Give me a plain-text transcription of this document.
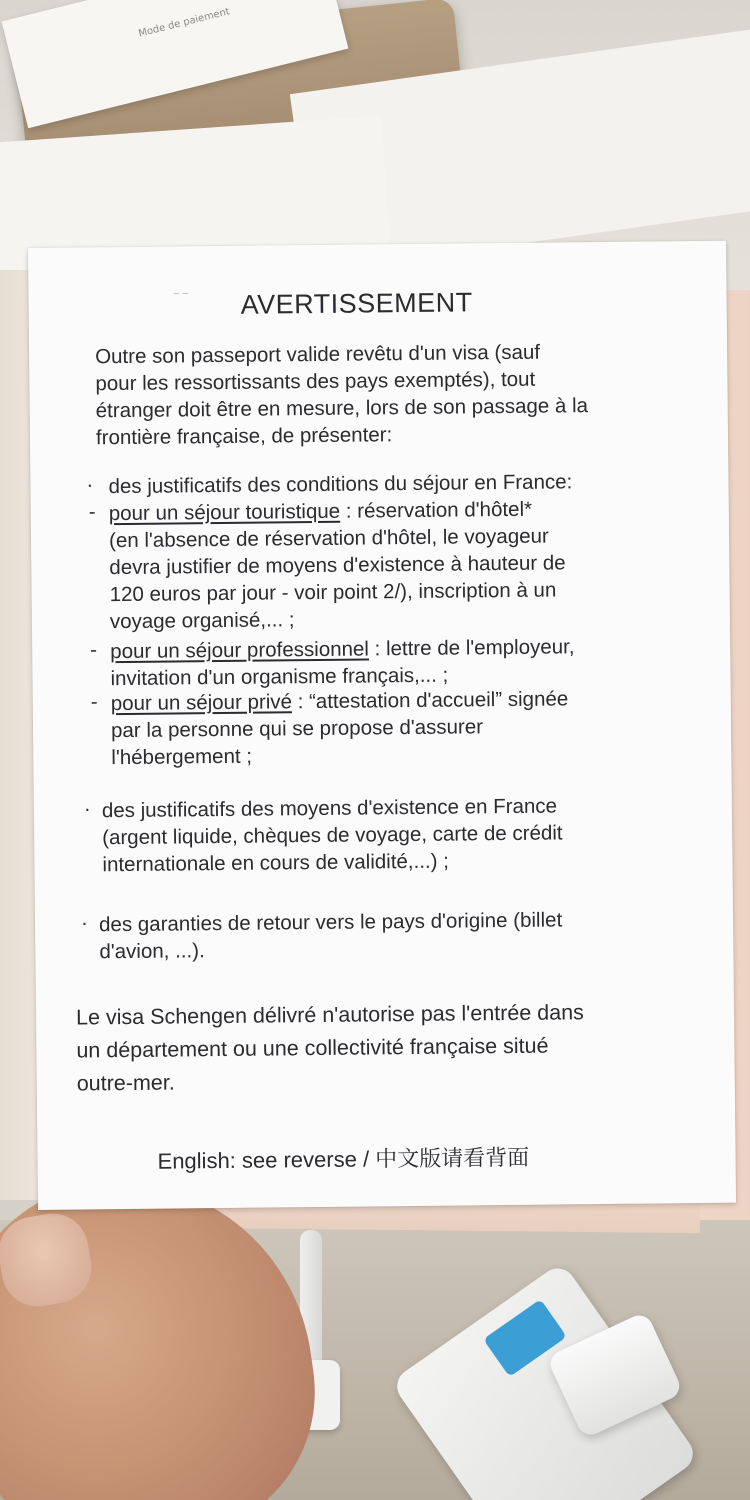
Mode de paiement
— — AVERTISSEMENT
Outre son passeport valide revêtu d'un visa (sauf
pour les ressortissants des pays exemptés), tout
étranger doit être en mesure, lors de son passage à la
frontière française, de présenter:
· des justificatifs des conditions du séjour en France:
- pour un séjour touristique : réservation d'hôtel*
(en l'absence de réservation d'hôtel, le voyageur
devra justifier de moyens d'existence à hauteur de
120 euros par jour - voir point 2/), inscription à un
voyage organisé,... ;
- pour un séjour professionnel : lettre de l'employeur,
invitation d'un organisme français,... ;
- pour un séjour privé : “attestation d'accueil” signée
par la personne qui se propose d'assurer
l'hébergement ;
· des justificatifs des moyens d'existence en France
(argent liquide, chèques de voyage, carte de crédit
internationale en cours de validité,...) ;
· des garanties de retour vers le pays d'origine (billet
d'avion, ...).
Le visa Schengen délivré n'autorise pas l'entrée dans
un département ou une collectivité française situé
outre-mer.
English: see reverse / 中文版请看背面
